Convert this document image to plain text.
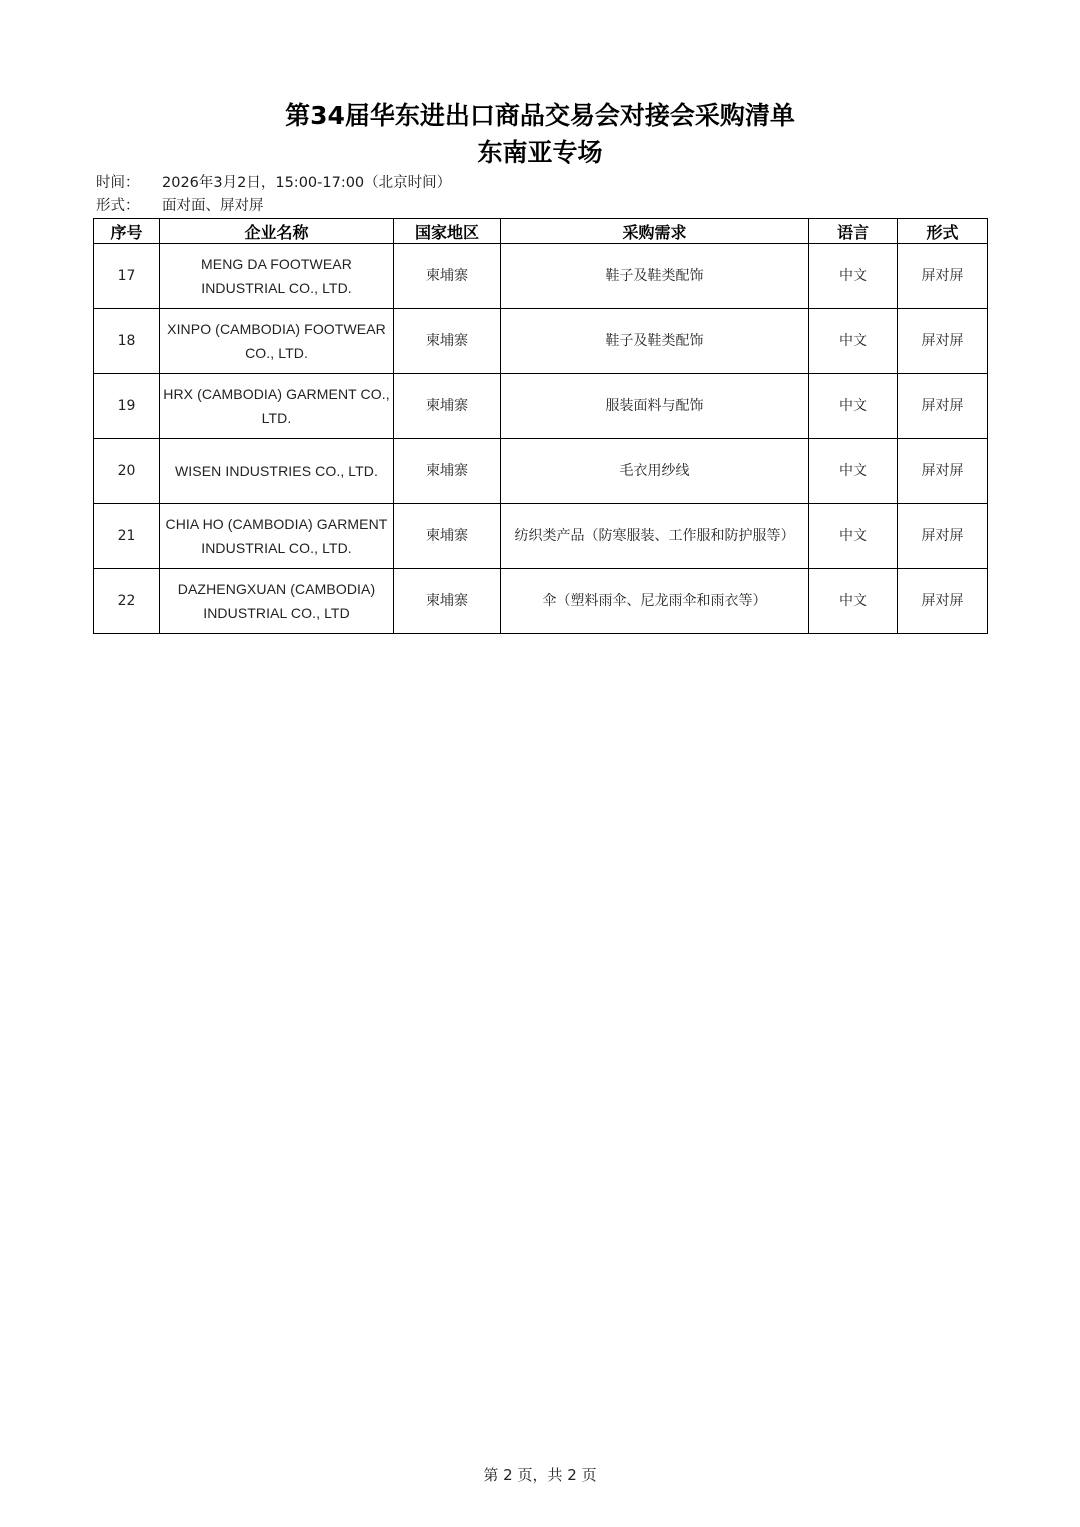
第34届华东进出口商品交易会对接会采购清单
东南亚专场
时间： 2026年3月2日，15:00-17:00（北京时间）
形式： 面对面、屏对屏
序号	企业名称	国家地区	采购需求	语言	形式
17	MENG DA FOOTWEAR INDUSTRIAL CO., LTD.	柬埔寨	鞋子及鞋类配饰	中文	屏对屏
18	XINPO (CAMBODIA) FOOTWEAR CO., LTD.	柬埔寨	鞋子及鞋类配饰	中文	屏对屏
19	HRX (CAMBODIA) GARMENT CO., LTD.	柬埔寨	服装面料与配饰	中文	屏对屏
20	WISEN INDUSTRIES CO., LTD.	柬埔寨	毛衣用纱线	中文	屏对屏
21	CHIA HO (CAMBODIA) GARMENT INDUSTRIAL CO., LTD.	柬埔寨	纺织类产品（防寒服装、工作服和防护服等）	中文	屏对屏
22	DAZHENGXUAN (CAMBODIA) INDUSTRIAL CO., LTD	柬埔寨	伞（塑料雨伞、尼龙雨伞和雨衣等）	中文	屏对屏
第 2 页，共 2 页
